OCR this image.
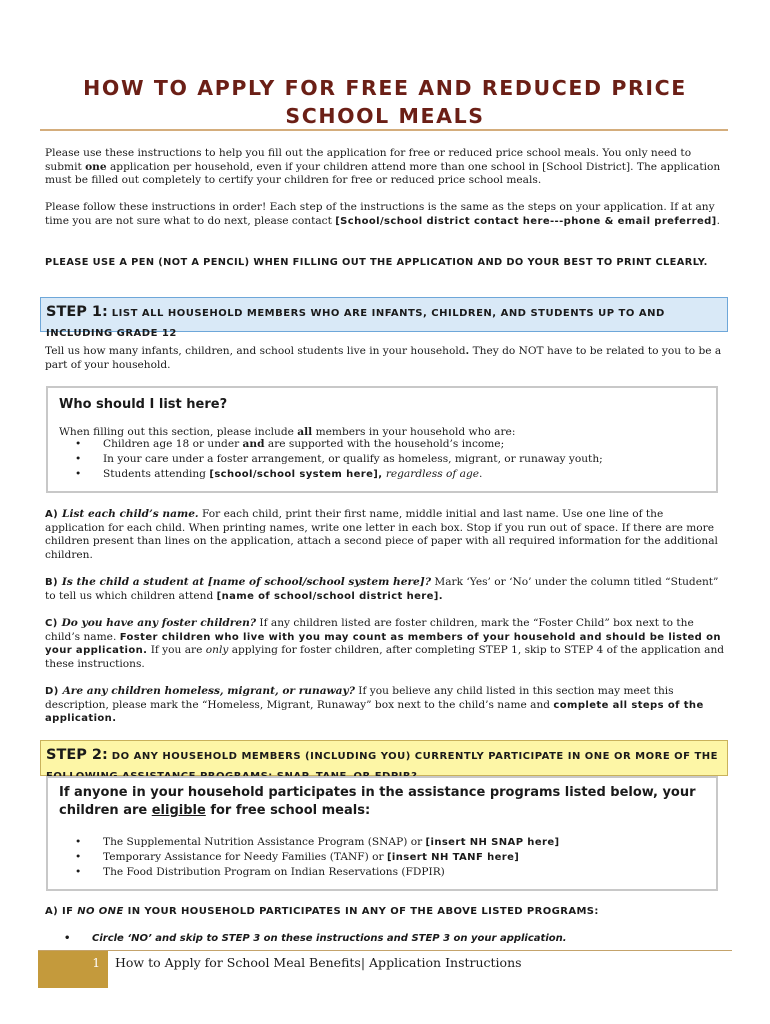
HOW TO APPLY FOR FREE AND REDUCED PRICE
SCHOOL MEALS

Please use these instructions to help you fill out the application for free or reduced price school meals. You only need to submit one application per household, even if your children attend more than one school in [School District]. The application must be filled out completely to certify your children for free or reduced price school meals.

Please follow these instructions in order! Each step of the instructions is the same as the steps on your application. If at any time you are not sure what to do next, please contact [School/school district contact here---phone & email preferred].

PLEASE USE A PEN (NOT A PENCIL) WHEN FILLING OUT THE APPLICATION AND DO YOUR BEST TO PRINT CLEARLY.

STEP 1: LIST ALL HOUSEHOLD MEMBERS WHO ARE INFANTS, CHILDREN, AND STUDENTS UP TO AND INCLUDING GRADE 12

Tell us how many infants, children, and school students live in your household. They do NOT have to be related to you to be a part of your household.

Who should I list here?

When filling out this section, please include all members in your household who are:

• Children age 18 or under and are supported with the household’s income;
• In your care under a foster arrangement, or qualify as homeless, migrant, or runaway youth;
• Students attending [school/school system here], regardless of age.

A) List each child’s name. For each child, print their first name, middle initial and last name. Use one line of the application for each child. When printing names, write one letter in each box. Stop if you run out of space. If there are more children present than lines on the application, attach a second piece of paper with all required information for the additional children.

B) Is the child a student at [name of school/school system here]? Mark ‘Yes’ or ‘No’ under the column titled “Student” to tell us which children attend [name of school/school district here].

C) Do you have any foster children? If any children listed are foster children, mark the “Foster Child” box next to the child’s name. Foster children who live with you may count as members of your household and should be listed on your application. If you are only applying for foster children, after completing STEP 1, skip to STEP 4 of the application and these instructions.

D) Are any children homeless, migrant, or runaway? If you believe any child listed in this section may meet this description, please mark the “Homeless, Migrant, Runaway” box next to the child’s name and complete all steps of the application.

STEP 2: DO ANY HOUSEHOLD MEMBERS (INCLUDING YOU) CURRENTLY PARTICIPATE IN ONE OR MORE OF THE
If anyone in your household participates in the assistance programs listed below, your children are eligible for free school meals:
• The Supplemental Nutrition Assistance Program (SNAP) or [insert NH SNAP here]
• Temporary Assistance for Needy Families (TANF) or [insert NH TANF here]
• The Food Distribution Program on Indian Reservations (FDPIR)

A) IF NO ONE IN YOUR HOUSEHOLD PARTICIPATES IN ANY OF THE ABOVE LISTED PROGRAMS:

• Circle ‘NO’ and skip to STEP 3 on these instructions and STEP 3 on your application.
1 How to Apply for School Meal Benefits| Application Instructions
